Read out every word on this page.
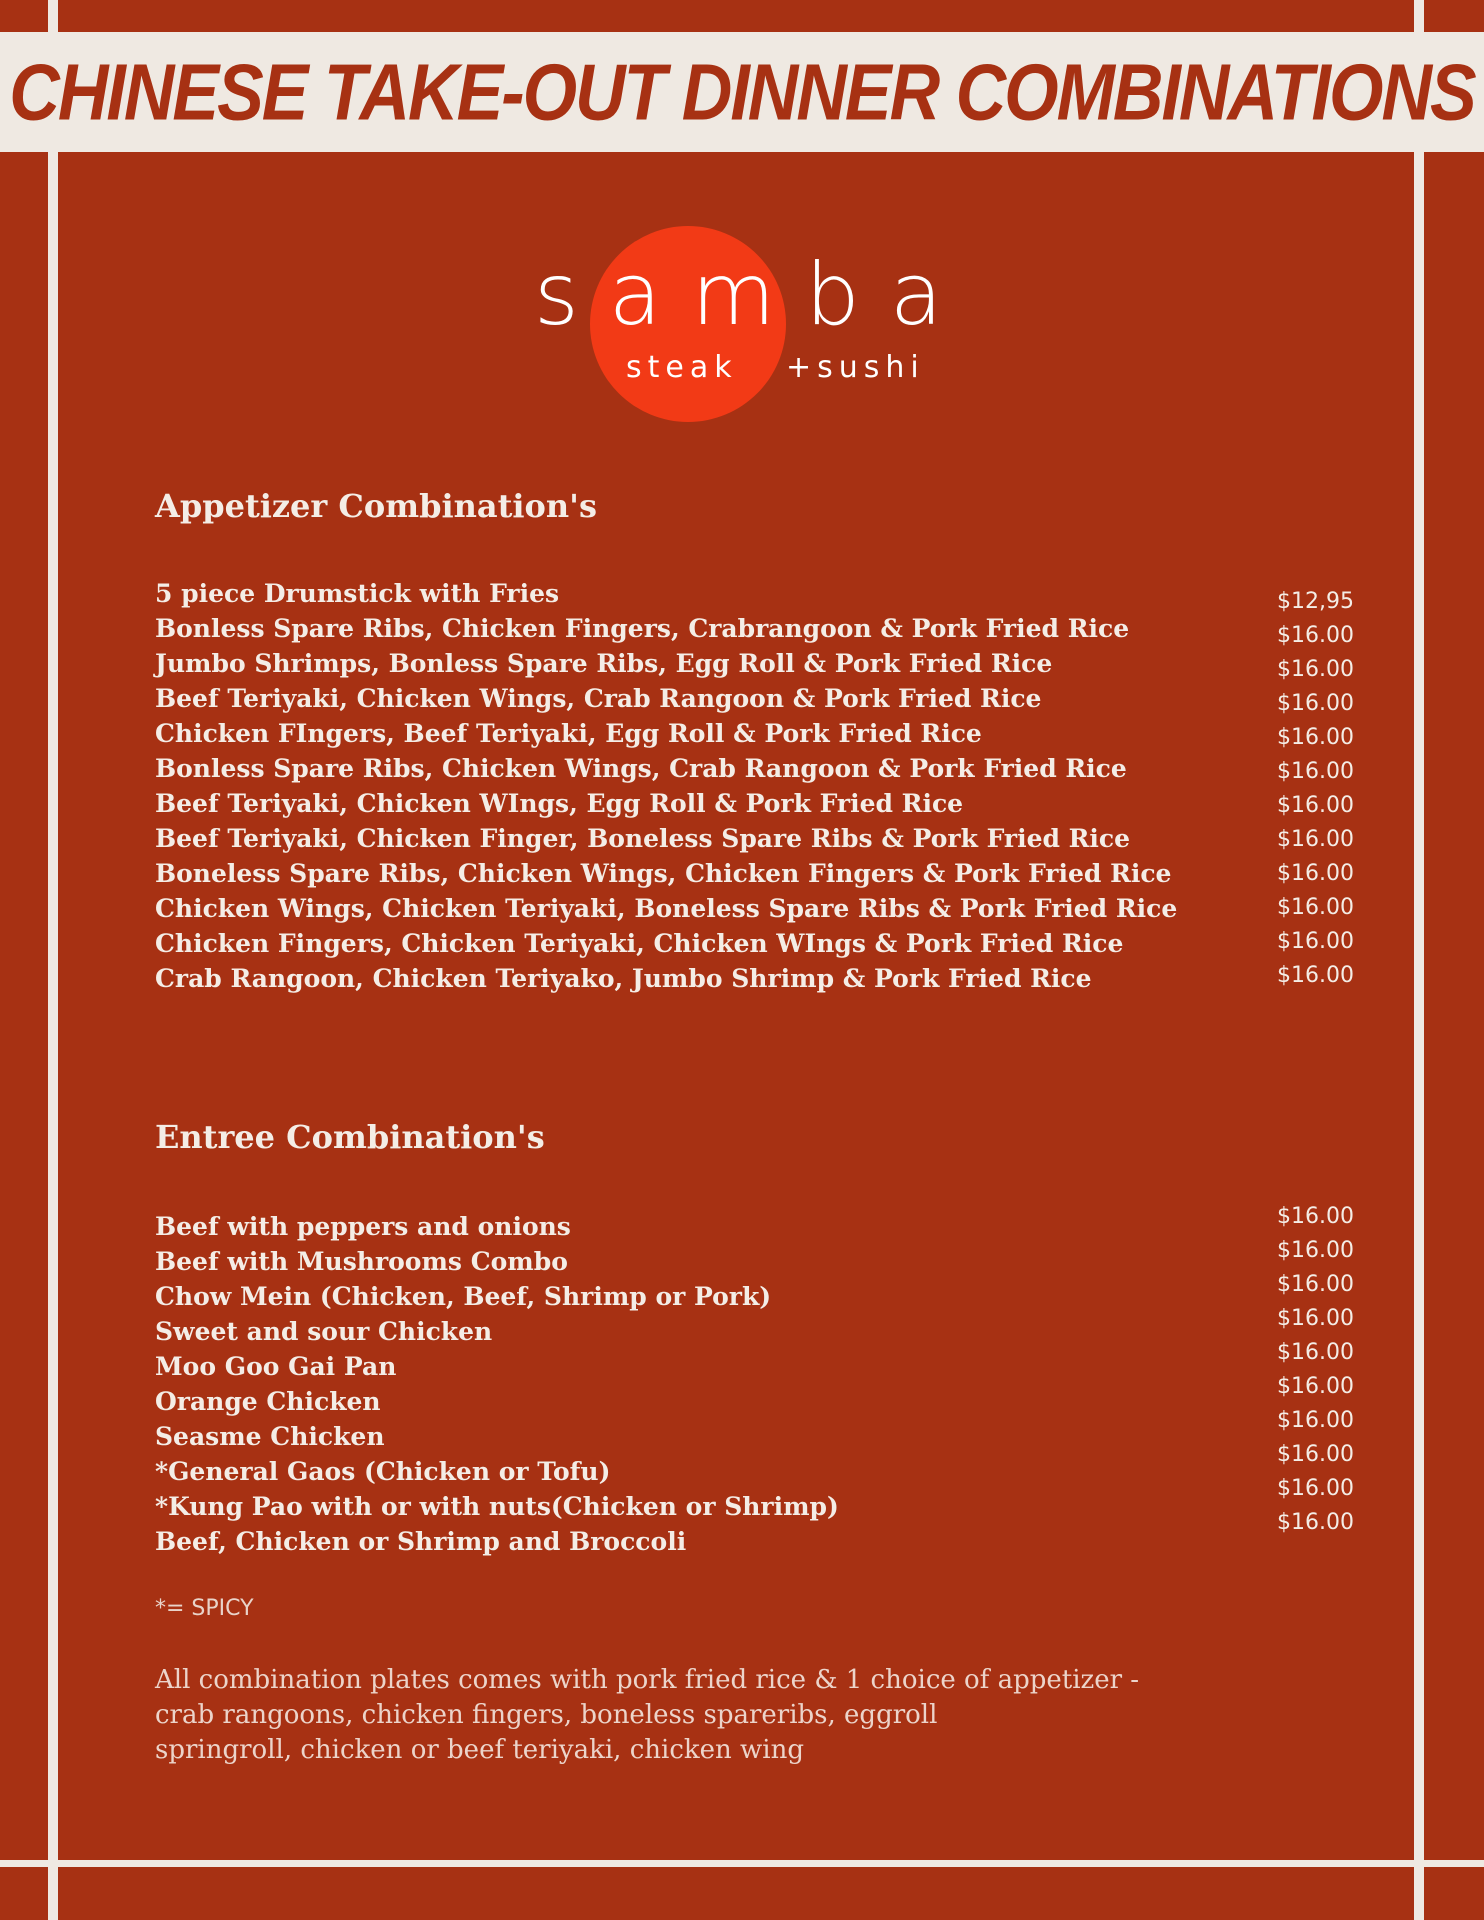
CHINESE TAKE-OUT DINNER COMBINATIONS
samba
steak +sushi
Appetizer Combination's
5 piece Drumstick with Fries
Bonless Spare Ribs, Chicken Fingers, Crabrangoon & Pork Fried Rice
Jumbo Shrimps, Bonless Spare Ribs, Egg Roll & Pork Fried Rice
Beef Teriyaki, Chicken Wings, Crab Rangoon & Pork Fried Rice
Chicken FIngers, Beef Teriyaki, Egg Roll & Pork Fried Rice
Bonless Spare Ribs, Chicken Wings, Crab Rangoon & Pork Fried Rice
Beef Teriyaki, Chicken WIngs, Egg Roll & Pork Fried Rice
Beef Teriyaki, Chicken Finger, Boneless Spare Ribs & Pork Fried Rice
Boneless Spare Ribs, Chicken Wings, Chicken Fingers & Pork Fried Rice
Chicken Wings, Chicken Teriyaki, Boneless Spare Ribs & Pork Fried Rice
Chicken Fingers, Chicken Teriyaki, Chicken WIngs & Pork Fried Rice
Crab Rangoon, Chicken Teriyako, Jumbo Shrimp & Pork Fried Rice
$12,95
$16.00
$16.00
$16.00
$16.00
$16.00
$16.00
$16.00
$16.00
$16.00
$16.00
$16.00
Entree Combination's
Beef with peppers and onions
Beef with Mushrooms Combo
Chow Mein (Chicken, Beef, Shrimp or Pork)
Sweet and sour Chicken
Moo Goo Gai Pan
Orange Chicken
Seasme Chicken
*General Gaos (Chicken or Tofu)
*Kung Pao with or with nuts(Chicken or Shrimp)
Beef, Chicken or Shrimp and Broccoli
$16.00
$16.00
$16.00
$16.00
$16.00
$16.00
$16.00
$16.00
$16.00
$16.00
*= SPICY
All combination plates comes with pork fried rice & 1 choice of appetizer -
crab rangoons, chicken fingers, boneless spareribs, eggroll
springroll, chicken or beef teriyaki, chicken wing
